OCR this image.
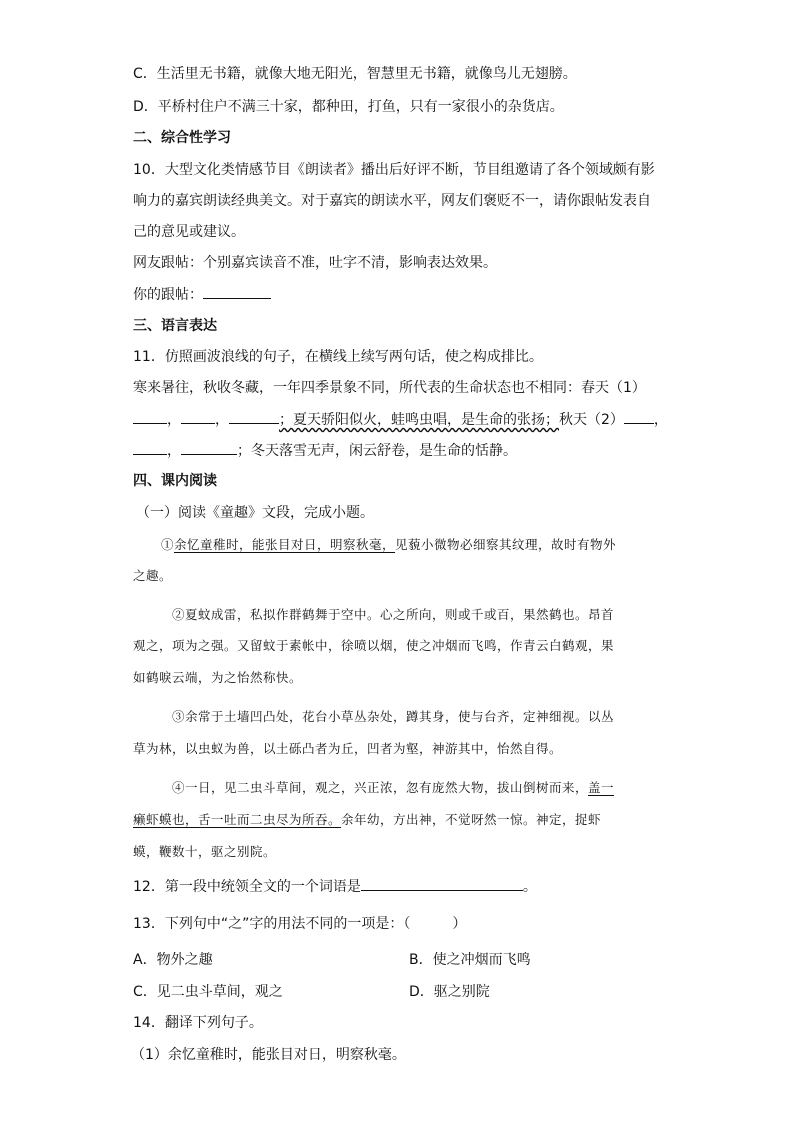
C．生活里无书籍，就像大地无阳光，智慧里无书籍，就像鸟儿无翅膀。
D．平桥村住户不满三十家，都种田，打鱼，只有一家很小的杂货店。
二、综合性学习
10．大型文化类情感节目《朗读者》播出后好评不断，节目组邀请了各个领域颇有影
响力的嘉宾朗读经典美文。对于嘉宾的朗读水平，网友们褒贬不一，请你跟帖发表自
己的意见或建议。
网友跟帖：个别嘉宾读音不准，吐字不清，影响表达效果。
你的跟帖：
三、语言表达
11．仿照画波浪线的句子，在横线上续写两句话，使之构成排比。
寒来暑往，秋收冬藏，一年四季景象不同，所代表的生命状态也不相同：春天（1）
， ，	；夏天骄阳似火，蛙鸣虫唱，是生命的张扬；秋天（2） ，
，	；冬天落雪无声，闲云舒卷，是生命的恬静。
四、课内阅读
（一）阅读《童趣》文段，完成小题。
①余忆童稚时，能张目对日，明察秋毫，见藐小微物必细察其纹理，故时有物外
之趣。
②夏蚊成雷，私拟作群鹤舞于空中。心之所向，则或千或百，果然鹤也。昂首
观之，项为之强。又留蚊于素帐中，徐喷以烟，使之冲烟而飞鸣，作青云白鹤观，果
如鹤唳云端，为之怡然称快。
③余常于土墙凹凸处，花台小草丛杂处，蹲其身，使与台齐，定神细视。以丛
草为林，以虫蚁为兽，以土砾凸者为丘，凹者为壑，神游其中，怡然自得。
④一日，见二虫斗草间，观之，兴正浓，忽有庞然大物，拔山倒树而来，盖一
癞虾蟆也，舌一吐而二虫尽为所吞。余年幼，方出神，不觉呀然一惊。神定，捉虾
蟆，鞭数十，驱之别院。
12．第一段中统领全文的一个词语是	。
13．下列句中“之”字的用法不同的一项是：（　　　）
A．物外之趣	B．使之冲烟而飞鸣
C．见二虫斗草间，观之	D．驱之别院
14．翻译下列句子。
（1）余忆童稚时，能张目对日，明察秋毫。
